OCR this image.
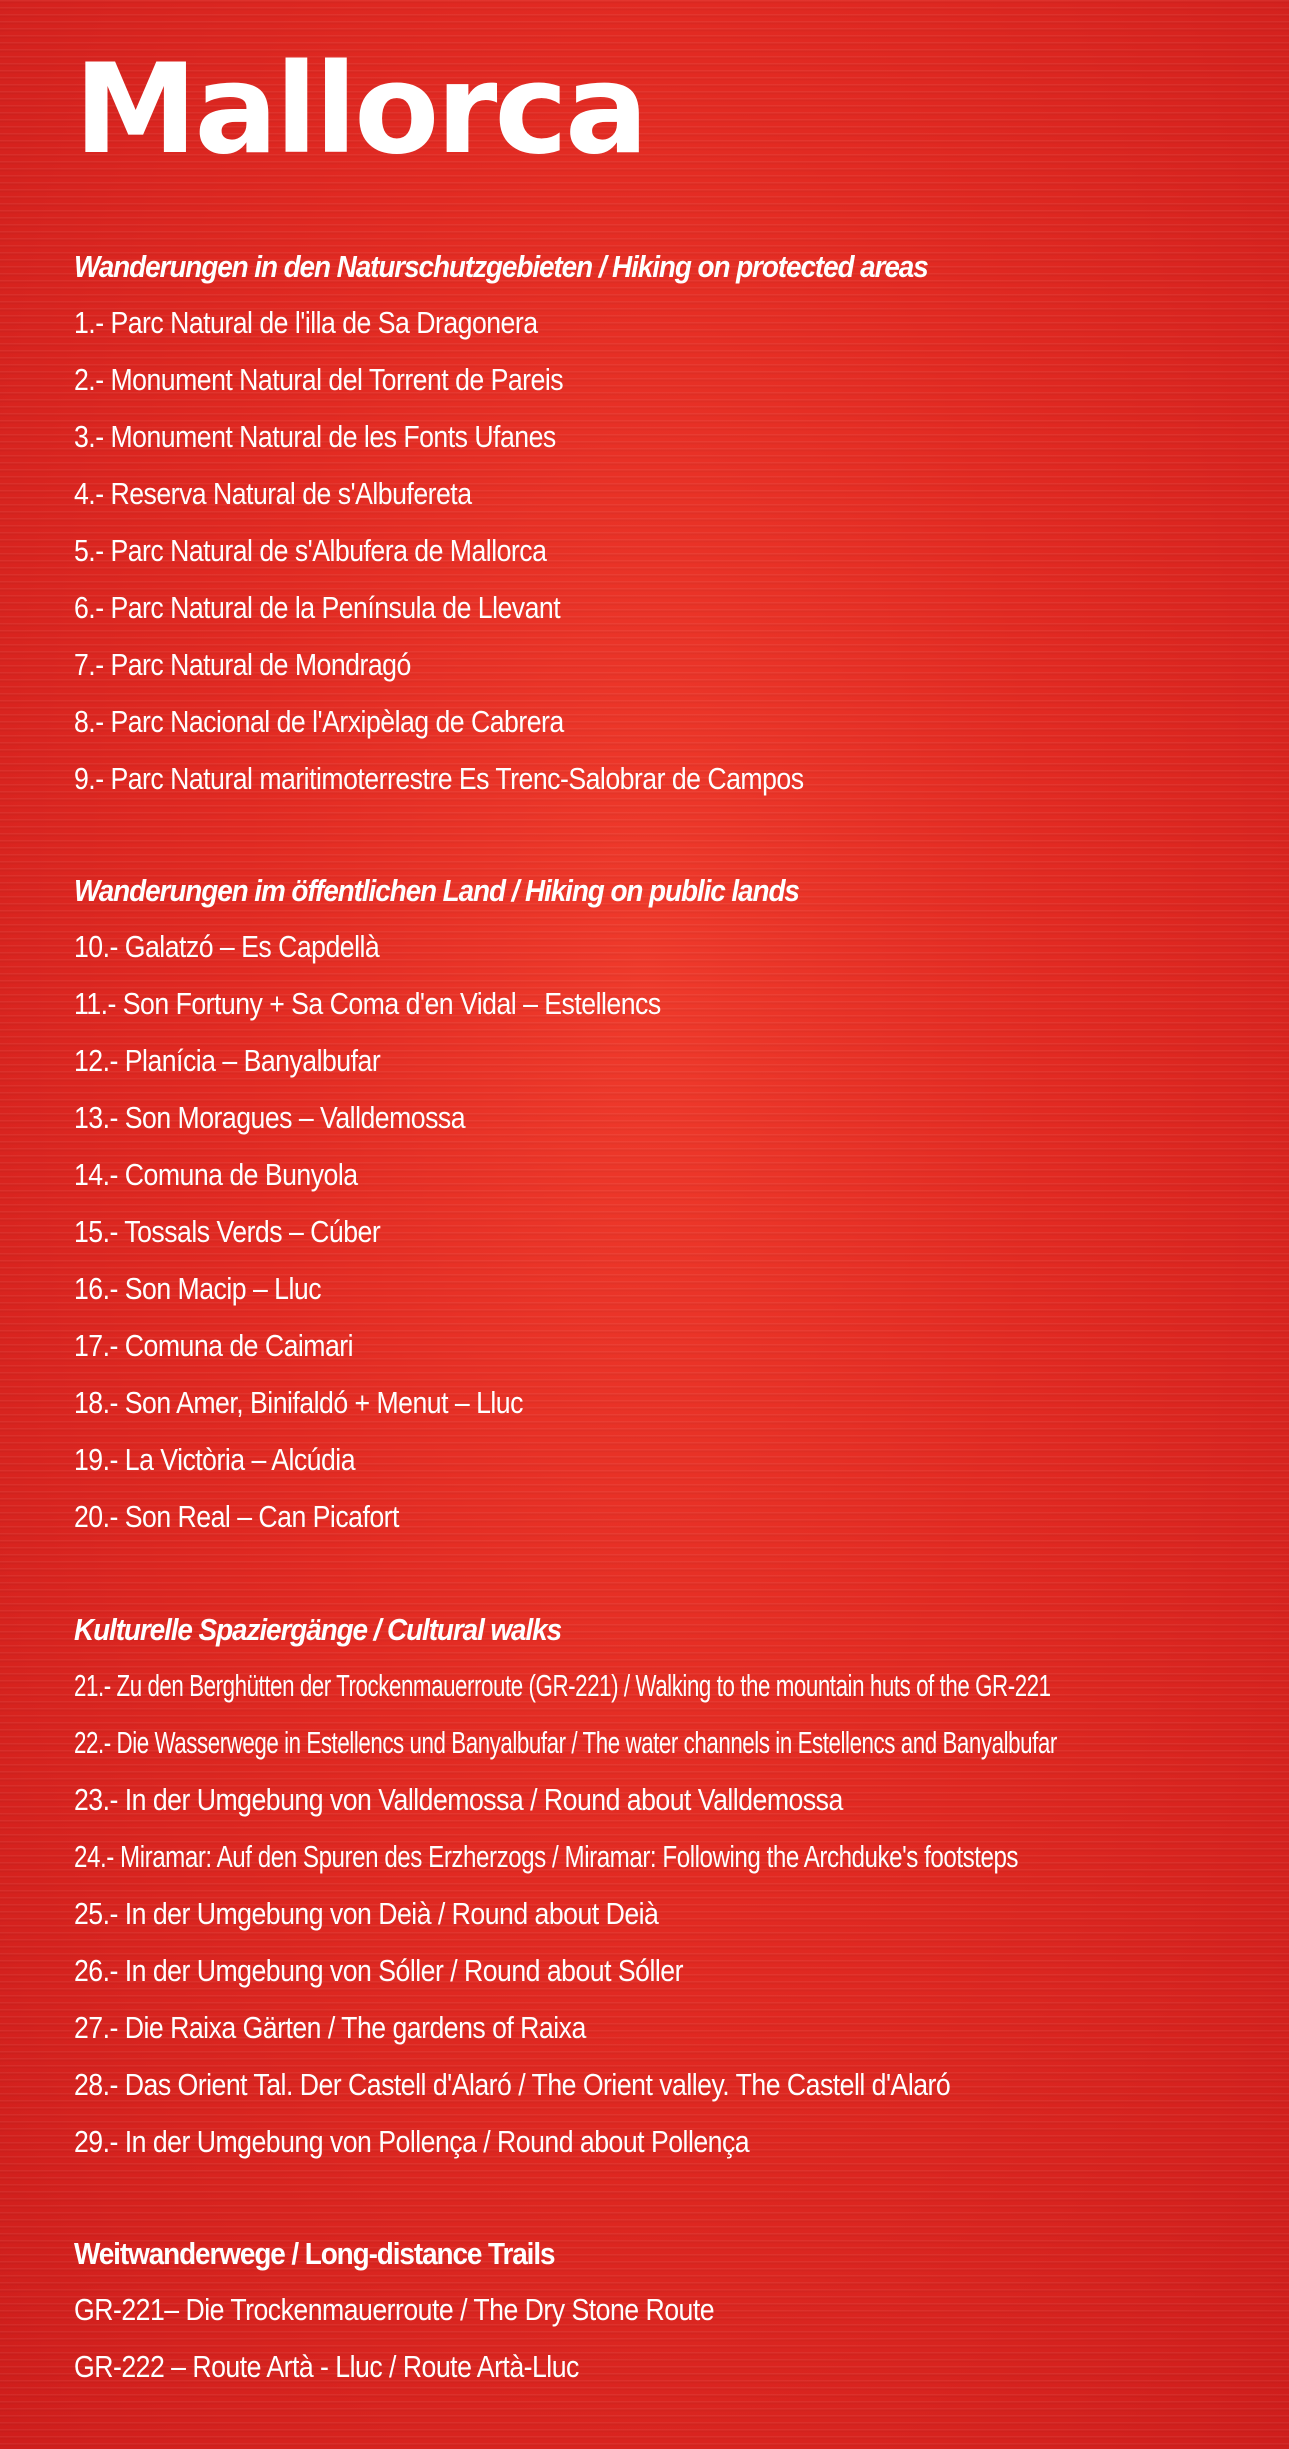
Mallorca
Wanderungen in den Naturschutzgebieten / Hiking on protected areas
1.- Parc Natural de l'illa de Sa Dragonera
2.- Monument Natural del Torrent de Pareis
3.- Monument Natural de les Fonts Ufanes
4.- Reserva Natural de s'Albufereta
5.- Parc Natural de s'Albufera de Mallorca
6.- Parc Natural de la Península de Llevant
7.- Parc Natural de Mondragó
8.- Parc Nacional de l'Arxipèlag de Cabrera
9.- Parc Natural maritimoterrestre Es Trenc-Salobrar de Campos
Wanderungen im öffentlichen Land / Hiking on public lands
10.- Galatzó – Es Capdellà
11.- Son Fortuny + Sa Coma d'en Vidal – Estellencs
12.- Planícia – Banyalbufar
13.- Son Moragues – Valldemossa
14.- Comuna de Bunyola
15.- Tossals Verds – Cúber
16.- Son Macip – Lluc
17.- Comuna de Caimari
18.- Son Amer, Binifaldó + Menut – Lluc
19.- La Victòria – Alcúdia
20.- Son Real – Can Picafort
Kulturelle Spaziergänge / Cultural walks
21.- Zu den Berghütten der Trockenmauerroute (GR-221) / Walking to the mountain huts of the GR-221
22.- Die Wasserwege in Estellencs und Banyalbufar / The water channels in Estellencs and Banyalbufar
23.- In der Umgebung von Valldemossa / Round about Valldemossa
24.- Miramar: Auf den Spuren des Erzherzogs / Miramar: Following the Archduke's footsteps
25.- In der Umgebung von Deià / Round about Deià
26.- In der Umgebung von Sóller / Round about Sóller
27.- Die Raixa Gärten / The gardens of Raixa
28.- Das Orient Tal. Der Castell d'Alaró / The Orient valley. The Castell d'Alaró
29.- In der Umgebung von Pollença / Round about Pollença
Weitwanderwege / Long-distance Trails
GR-221– Die Trockenmauerroute / The Dry Stone Route
GR-222 – Route Artà - Lluc / Route Artà-Lluc
